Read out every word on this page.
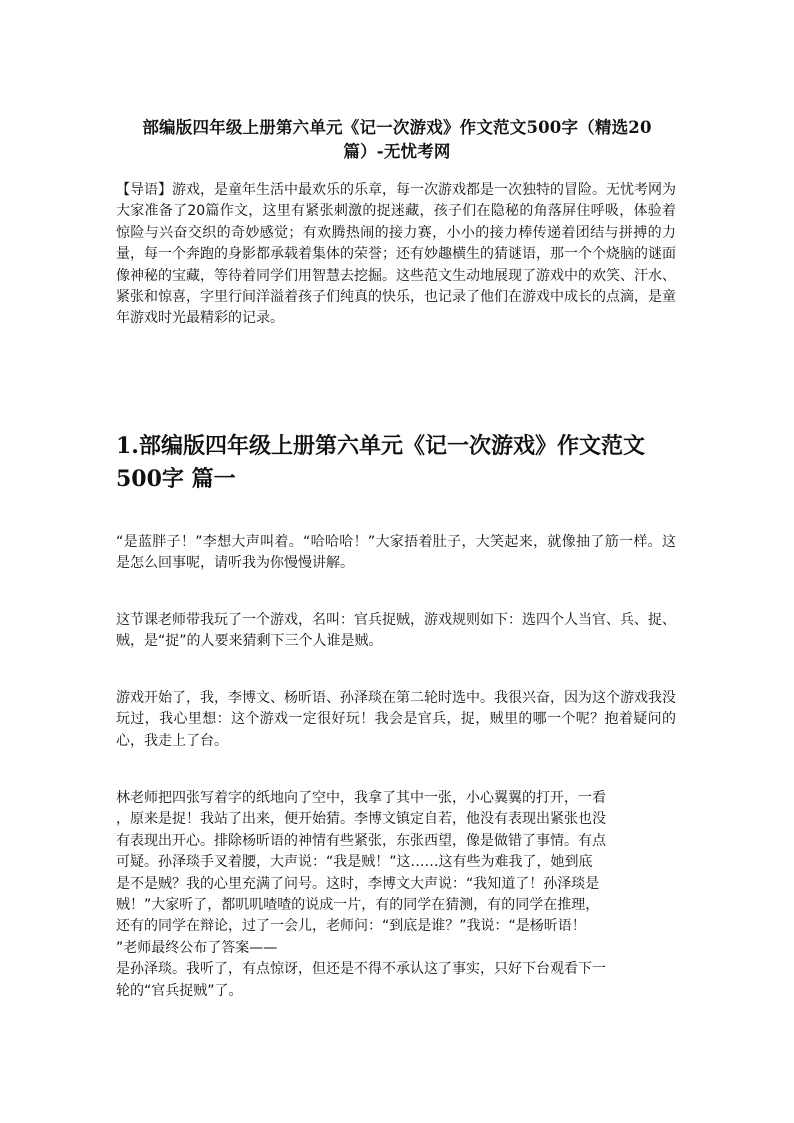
部编版四年级上册第六单元《记一次游戏》作文范文500字（精选20
篇）-无忧考网

【导语】游戏，是童年生活中最欢乐的乐章，每一次游戏都是一次独特的冒险。无忧考网为大家准备了20篇作文，这里有紧张刺激的捉迷藏，孩子们在隐秘的角落屏住呼吸，体验着惊险与兴奋交织的奇妙感觉；有欢腾热闹的接力赛，小小的接力棒传递着团结与拼搏的力量，每一个奔跑的身影都承载着集体的荣誉；还有妙趣横生的猜谜语，那一个个烧脑的谜面像神秘的宝藏，等待着同学们用智慧去挖掘。这些范文生动地展现了游戏中的欢笑、汗水、紧张和惊喜，字里行间洋溢着孩子们纯真的快乐，也记录了他们在游戏中成长的点滴，是童年游戏时光最精彩的记录。

1.部编版四年级上册第六单元《记一次游戏》作文范文500字 篇一

“是蓝胖子！”李想大声叫着。“哈哈哈！”大家捂着肚子，大笑起来，就像抽了筋一样。这是怎么回事呢，请听我为你慢慢讲解。

这节课老师带我玩了一个游戏，名叫：官兵捉贼，游戏规则如下：选四个人当官、兵、捉、贼，是“捉”的人要来猜剩下三个人谁是贼。

游戏开始了，我，李博文、杨昕语、孙泽琰在第二轮时选中。我很兴奋，因为这个游戏我没玩过，我心里想：这个游戏一定很好玩！我会是官兵，捉，贼里的哪一个呢？抱着疑问的心，我走上了台。

林老师把四张写着字的纸地向了空中，我拿了其中一张，小心翼翼的打开，一看
，原来是捉！我站了出来，便开始猜。李博文镇定自若，他没有表现出紧张也没
有表现出开心。排除杨昕语的神情有些紧张，东张西望，像是做错了事情。有点
可疑。孙泽琰手叉着腰，大声说：“我是贼！”这……这有些为难我了，她到底
是不是贼？我的心里充满了问号。这时，李博文大声说：“我知道了！孙泽琰是
贼！”大家听了，都叽叽喳喳的说成一片，有的同学在猜测，有的同学在推理，
还有的同学在辩论，过了一会儿，老师问：“到底是谁？”我说：“是杨昕语！
”老师最终公布了答案——
是孙泽琰。我听了，有点惊讶，但还是不得不承认这了事实，只好下台观看下一
轮的“官兵捉贼”了。
